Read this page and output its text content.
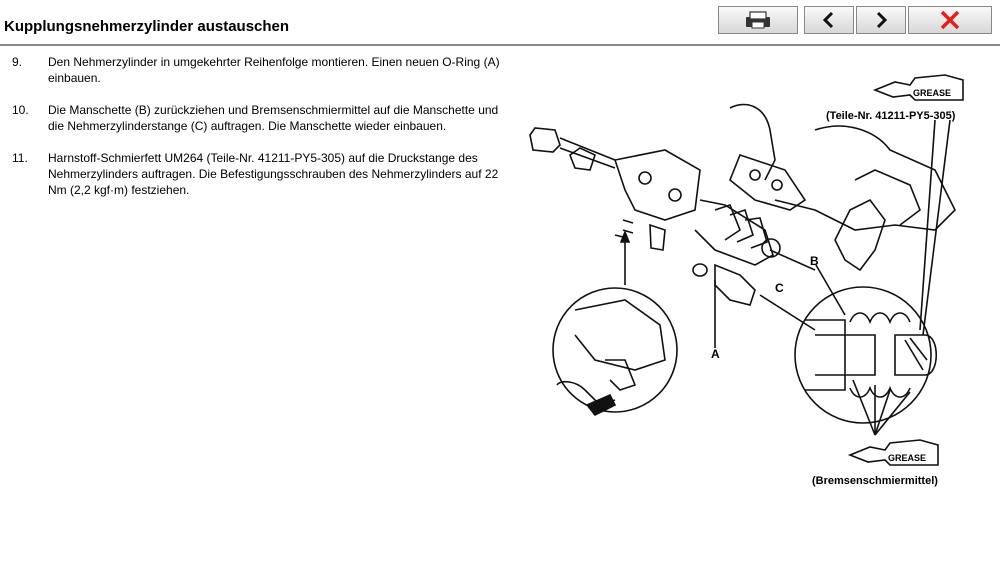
Kupplungsnehmerzylinder austauschen
9.	Den Nehmerzylinder in umgekehrter Reihenfolge montieren. Einen neuen O-Ring (A) einbauen.
10.	Die Manschette (B) zurückziehen und Bremsenschmiermittel auf die Manschette und die Nehmerzylinderstange (C) auftragen. Die Manschette wieder einbauen.
11.	Harnstoff-Schmierfett UM264 (Teile-Nr. 41211-PY5-305) auf die Druckstange des Nehmerzylinders auftragen. Die Befestigungsschrauben des Nehmerzylinders auf 22 Nm (2,2 kgf·m) festziehen.
GREASE
GREASE
A
B
C
(Teile-Nr. 41211-PY5-305)
(Bremsenschmiermittel)
